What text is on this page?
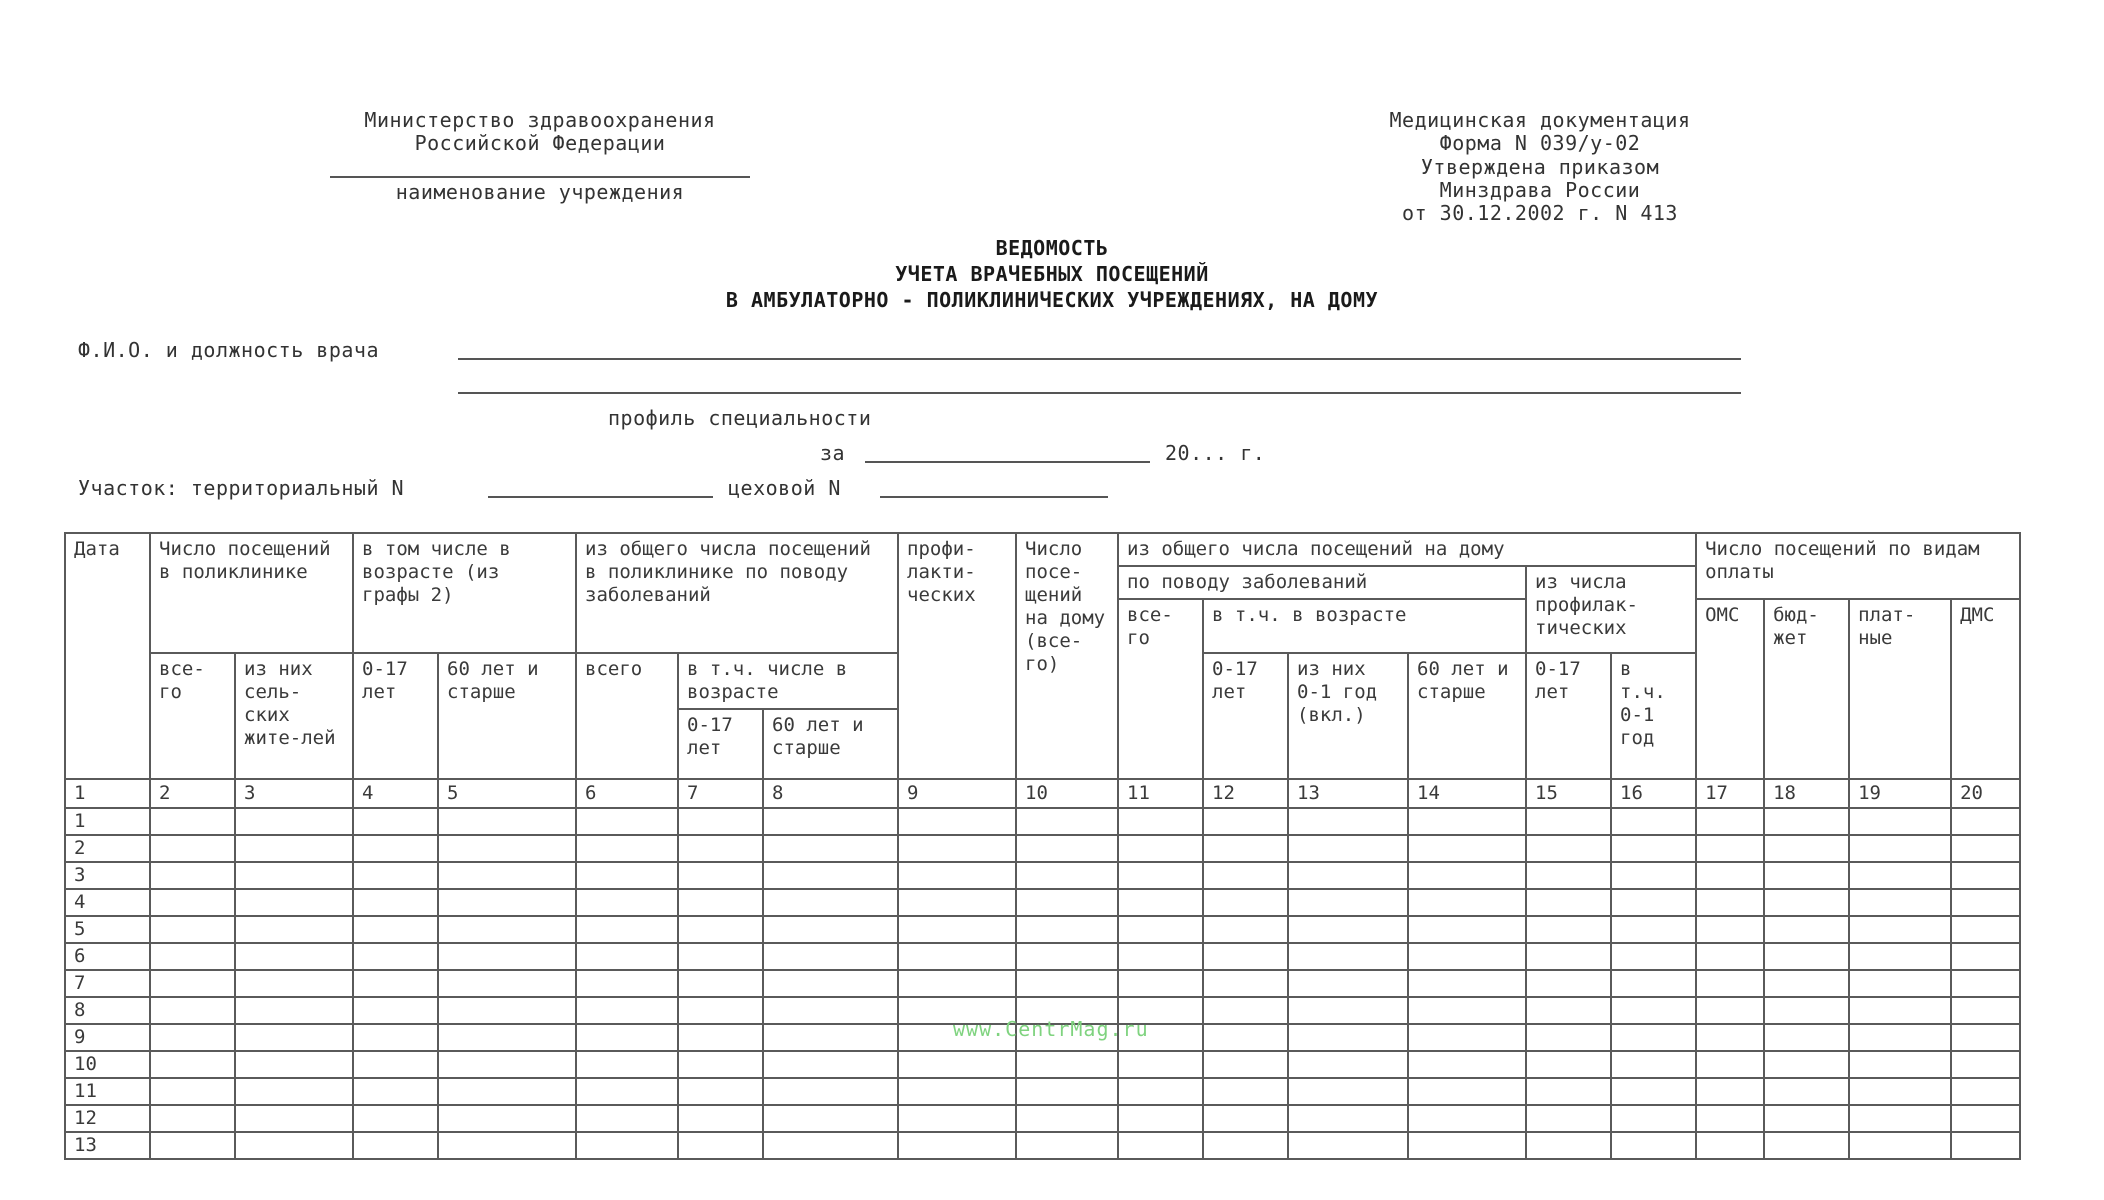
Министерство здравоохранения
Российской Федерации
наименование учреждения
Медицинская документация
Форма N 039/у-02
Утверждена приказом
Минздрава России
от 30.12.2002 г. N 413
ВЕДОМОСТЬ
УЧЕТА ВРАЧЕБНЫХ ПОСЕЩЕНИЙ
В АМБУЛАТОРНО - ПОЛИКЛИНИЧЕСКИХ УЧРЕЖДЕНИЯХ, НА ДОМУ
Ф.И.О. и должность врача
профиль специальности
за	20... г.
Участок: территориальный N	цеховой N
Дата	Число посещений в поликлинике		в том числе в возрасте (из графы 2)		из общего числа посещений в поликлинике по поводу заболеваний			профи-лакти-ческих	Число посе-щений на дому (все-го)	из общего числа посещений на дому						Число посещений по видам оплаты			
										по поводу заболеваний				из числа профилак-тических					
										все-го	в т.ч. в возрасте					ОМС	бюд-жет	плат-ные	ДМС
	все-го	из них сель-ских жите-лей	0-17 лет	60 лет и старше	всего	в т.ч. числе в возрасте					0-17 лет	из них 0-1 год (вкл.)	60 лет и старше	0-17 лет	в т.ч. 0-1 год				
						0-17 лет	60 лет и старше												
1	2	3	4	5	6	7	8	9	10	11	12	13	14	15	16	17	18	19	20
1																			
2																			
3																			
4																			
5																			
6																			
7																			
8																			
9																			
10																			
11																			
12																			
13																			
www.CentrMag.ru
